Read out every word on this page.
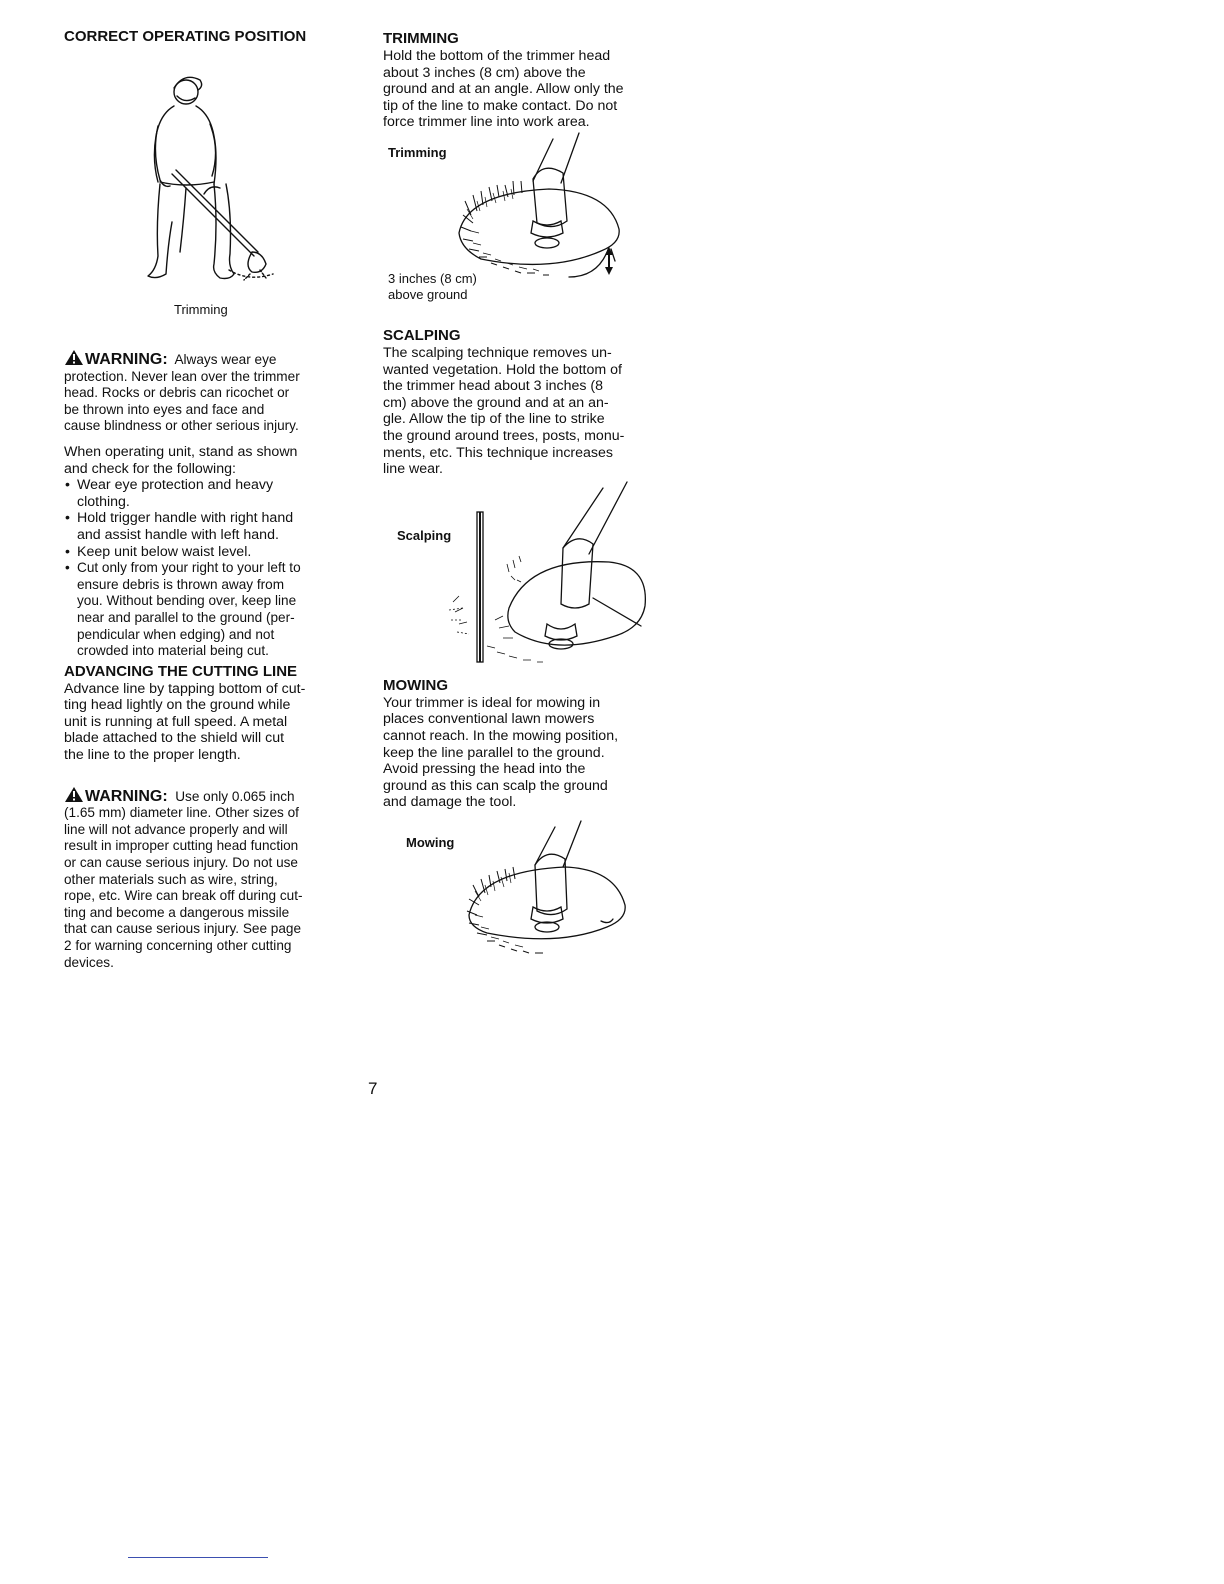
CORRECT OPERATING POSITION

Trimming

WARNING: Always wear eye

protection. Never lean over the trimmer

head. Rocks or debris can ricochet or

be thrown into eyes and face and

cause blindness or other serious injury.

When operating unit, stand as shown

and check for the following:

• Wear eye protection and heavy
clothing.
• Hold trigger handle with right hand
and assist handle with left hand.
• Keep unit below waist level.
• Cut only from your right to your left to
ensure debris is thrown away from
you. Without bending over, keep line
near and parallel to the ground (per-
pendicular when edging) and not
crowded into material being cut.

ADVANCING THE CUTTING LINE

Advance line by tapping bottom of cut-

ting head lightly on the ground while

unit is running at full speed. A metal

blade attached to the shield will cut

the line to the proper length.

WARNING: Use only 0.065 inch

(1.65 mm) diameter line. Other sizes of

line will not advance properly and will

result in improper cutting head function

or can cause serious injury. Do not use

other materials such as wire, string,

rope, etc. Wire can break off during cut-

ting and become a dangerous missile

that can cause serious injury. See page

2 for warning concerning other cutting

devices.

TRIMMING

Hold the bottom of the trimmer head

about 3 inches (8 cm) above the

ground and at an angle. Allow only the

tip of the line to make contact. Do not

force trimmer line into work area.

Trimming
3 inches (8 cm)
above ground

SCALPING

The scalping technique removes un-

wanted vegetation. Hold the bottom of

the trimmer head about 3 inches (8

cm) above the ground and at an an-

gle. Allow the tip of the line to strike

the ground around trees, posts, monu-

ments, etc. This technique increases

line wear.

Scalping

MOWING

Your trimmer is ideal for mowing in

places conventional lawn mowers

cannot reach. In the mowing position,

keep the line parallel to the ground.

Avoid pressing the head into the

ground as this can scalp the ground

and damage the tool.

Mowing
7
